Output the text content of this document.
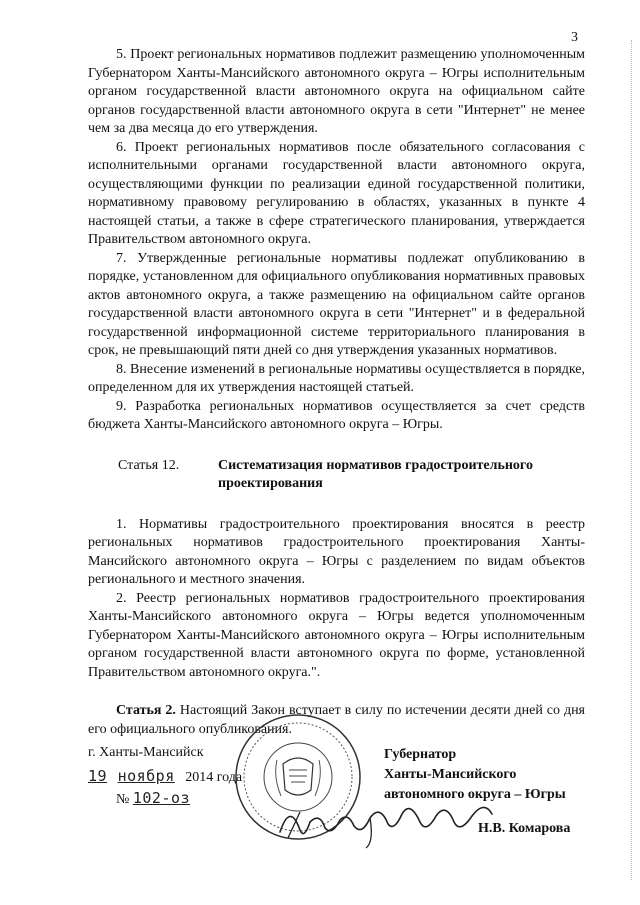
3

5. Проект региональных нормативов подлежит размещению уполномоченным Губернатором Ханты-Мансийского автономного округа – Югры исполнительным органом государственной власти автономного округа на официальном сайте органов государственной власти автономного округа в сети "Интернет" не менее чем за два месяца до его утверждения.

6. Проект региональных нормативов после обязательного согласования с исполнительными органами государственной власти автономного округа, осуществляющими функции по реализации единой государственной политики, нормативному правовому регулированию в областях, указанных в пункте 4 настоящей статьи, а также в сфере стратегического планирования, утверждается Правительством автономного округа.

7. Утвержденные региональные нормативы подлежат опубликованию в порядке, установленном для официального опубликования нормативных правовых актов автономного округа, а также размещению на официальном сайте органов государственной власти автономного округа в сети "Интернет" и в федеральной государственной информационной системе территориального планирования в срок, не превышающий пяти дней со дня утверждения указанных нормативов.

8. Внесение изменений в региональные нормативы осуществляется в порядке, определенном для их утверждения настоящей статьей.

9. Разработка региональных нормативов осуществляется за счет средств бюджета Ханты-Мансийского автономного округа – Югры.

Статья 12.	Систематизация нормативов градостроительного проектирования

1. Нормативы градостроительного проектирования вносятся в реестр региональных нормативов градостроительного проектирования Ханты-Мансийского автономного округа – Югры с разделением по видам объектов регионального и местного значения.

2. Реестр региональных нормативов градостроительного проектирования Ханты-Мансийского автономного округа – Югры ведется уполномоченным Губернатором Ханты-Мансийского автономного округа – Югры исполнительным органом государственной власти автономного округа по форме, установленной Правительством автономного округа.".

Статья 2. Настоящий Закон вступает в силу по истечении десяти дней со дня его официального опубликования.

г. Ханты-Мансийск
19 ноября 2014 года
№ 102-оз
Губернатор
Ханты-Мансийского
автономного округа – Югры
Н.В. Комарова
